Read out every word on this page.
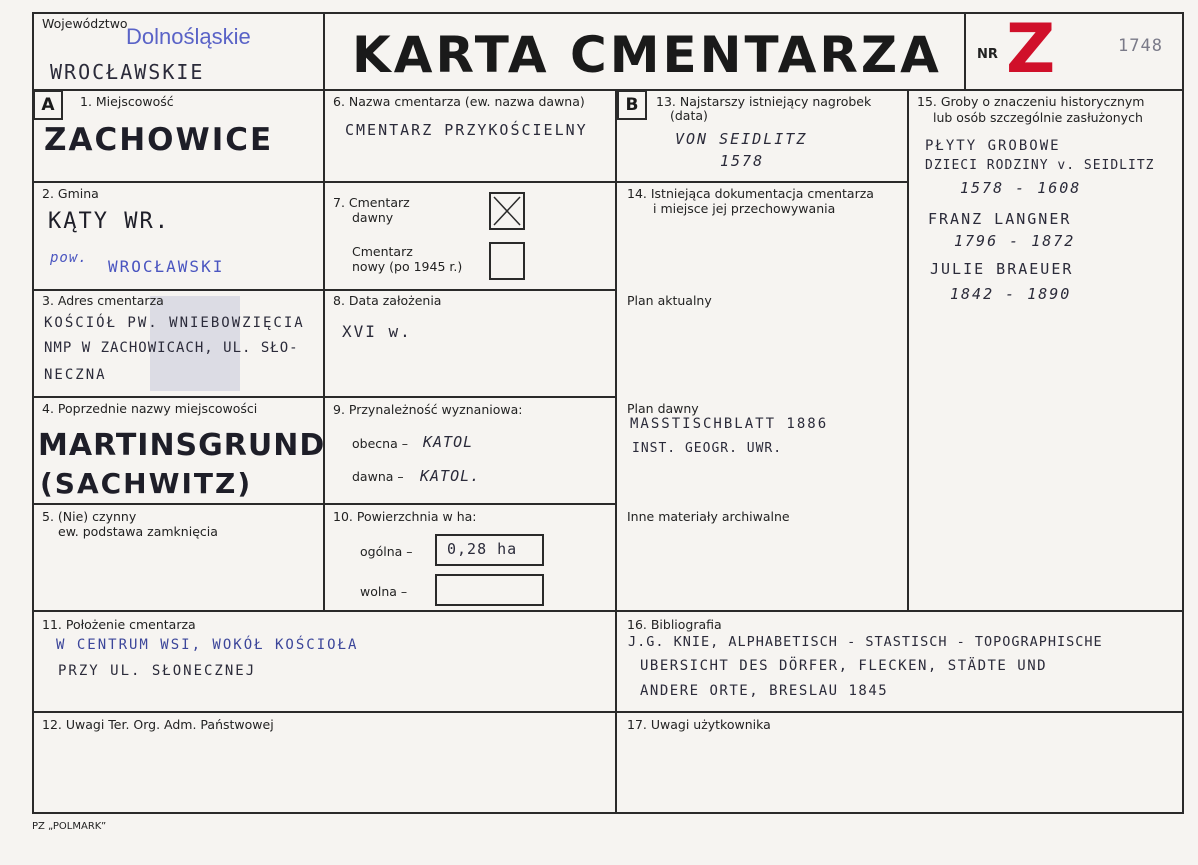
Województwo
Dolnośląskie
WROCŁAWSKIE	KARTA CMENTARZA	NR Z	1748
A	B
1. Miejscowość
ZACHOWICE
6. Nazwa cmentarza (ew. nazwa dawna)
CMENTARZ PRZYKOŚCIELNY
13. Najstarszy istniejący nagrobek
(data)
VON SEIDLITZ
1578
15. Groby o znaczeniu historycznym
lub osób szczególnie zasłużonych
PŁYTY GROBOWE
DZIECI RODZINY v. SEIDLITZ
1578 - 1608
FRANZ LANGNER
1796 - 1872
JULIE BRAEUER
1842 - 1890
2. Gmina
KĄTY WR.
pow. WROCŁAWSKI
7. Cmentarz
dawny
Cmentarz
nowy (po 1945 r.)
14. Istniejąca dokumentacja cmentarza
i miejsce jej przechowywania
Plan aktualny
Plan dawny
MASSTISCHBLATT 1886
INST. GEOGR. UWR.
Inne materiały archiwalne
3. Adres cmentarza
KOŚCIÓŁ PW. WNIEBOWZIĘCIA
NMP W ZACHOWICACH, UL. SŁO-
NECZNA
8. Data założenia
XVI w.
4. Poprzednie nazwy miejscowości
MARTINSGRUND
(SACHWITZ)
9. Przynależność wyznaniowa:
obecna – KATOL
dawna – KATOL.
5. (Nie) czynny
ew. podstawa zamknięcia
10. Powierzchnia w ha:
ogólna – 0,28 ha
wolna –
11. Położenie cmentarza
W CENTRUM WSI, WOKÓŁ KOŚCIOŁA
PRZY UL. SŁONECZNEJ
16. Bibliografia
J.G. KNIE, ALPHABETISCH - STASTISCH - TOPOGRAPHISCHE
UBERSICHT DES DÖRFER, FLECKEN, STÄDTE UND
ANDERE ORTE, BRESLAU 1845
12. Uwagi Ter. Org. Adm. Państwowej	17. Uwagi użytkownika
PZ „POLMARK”
